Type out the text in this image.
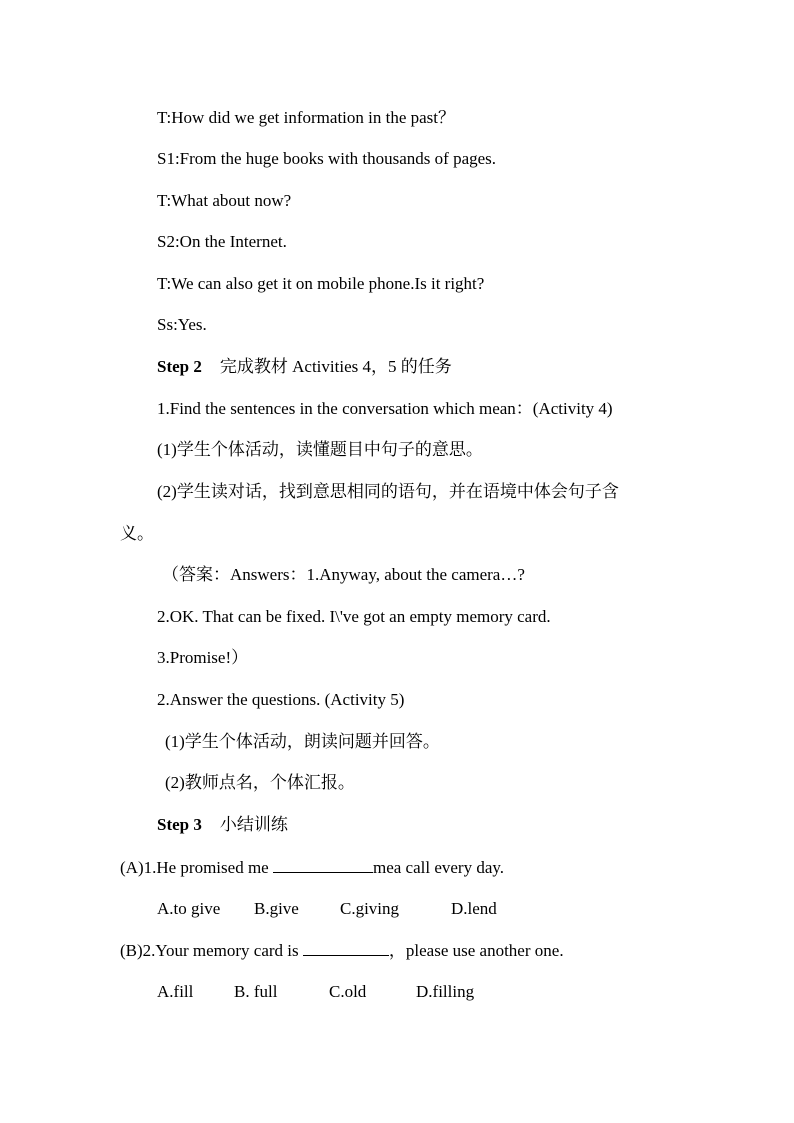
T:How did we get information in the past？
S1:From the huge books with thousands of pages.
T:What about now?
S2:On the Internet.
T:We can also get it on mobile phone.Is it right?
Ss:Yes.
Step 2 完成教材 Activities 4，5 的任务
1.Find the sentences in the conversation which mean：(Activity 4)
(1)学生个体活动，读懂题目中句子的意思。
(2)学生读对话，找到意思相同的语句，并在语境中体会句子含
义。
（答案：Answers：1.Anyway, about the camera…?
2.OK. That can be fixed. I\'ve got an empty memory card.
3.Promise!）
2.Answer the questions. (Activity 5)
(1)学生个体活动，朗读问题并回答。
(2)教师点名，个体汇报。
Step 3 小结训练
(A)1.He promised me	mea call every day.
A.to give B.give C.giving	D.lend
(B)2.Your memory card is	，please use another one.
A.fill B. full	C.old	D.filling
